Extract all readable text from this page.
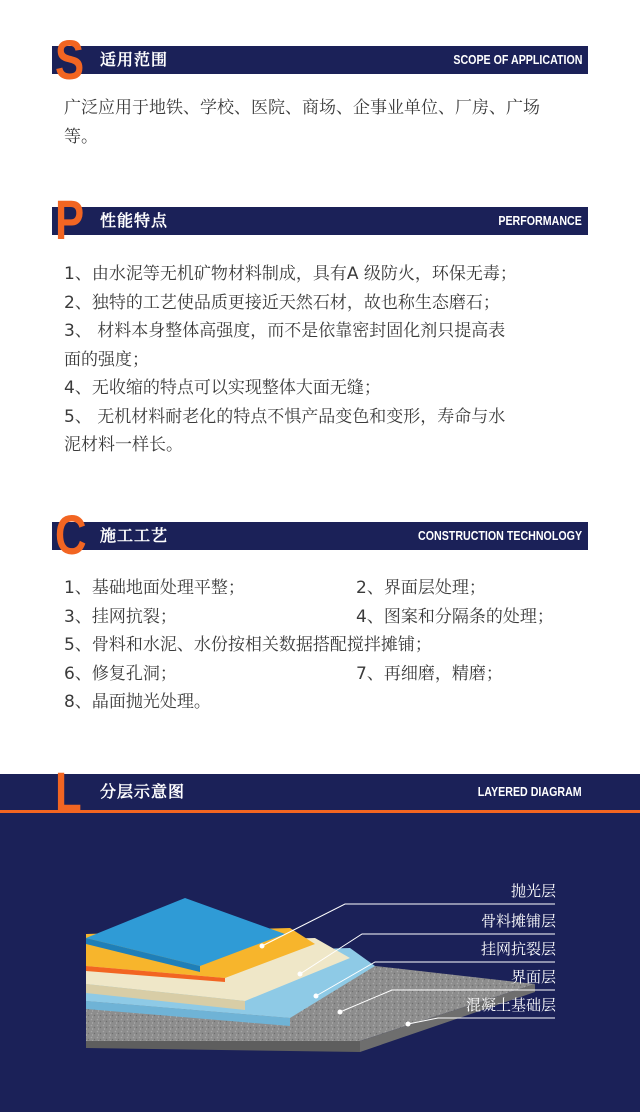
适用范围	SCOPE OF APPLICATION
S

广泛应用于地铁、学校、医院、商场、企事业单位、厂房、广场
等。

性能特点	PERFORMANCE
P

1、由水泥等无机矿物材料制成，具有A 级防火，环保无毒；
2、独特的工艺使品质更接近天然石材，故也称生态磨石；
3、 材料本身整体高强度，而不是依靠密封固化剂只提高表
面的强度；
4、无收缩的特点可以实现整体大面无缝；
5、 无机材料耐老化的特点不惧产品变色和变形，寿命与水
泥材料一样长。

施工工艺	CONSTRUCTION TECHNOLOGY
C
1、基础地面处理平整；	2、界面层处理；
3、挂网抗裂；	4、图案和分隔条的处理；
5、骨料和水泥、水份按相关数据搭配搅拌摊铺；
6、修复孔洞；	7、再细磨，精磨；
8、晶面抛光处理。
L 分层示意图	LAYERED DIAGRAM
抛光层
骨料摊铺层
挂网抗裂层
界面层
混凝土基础层
